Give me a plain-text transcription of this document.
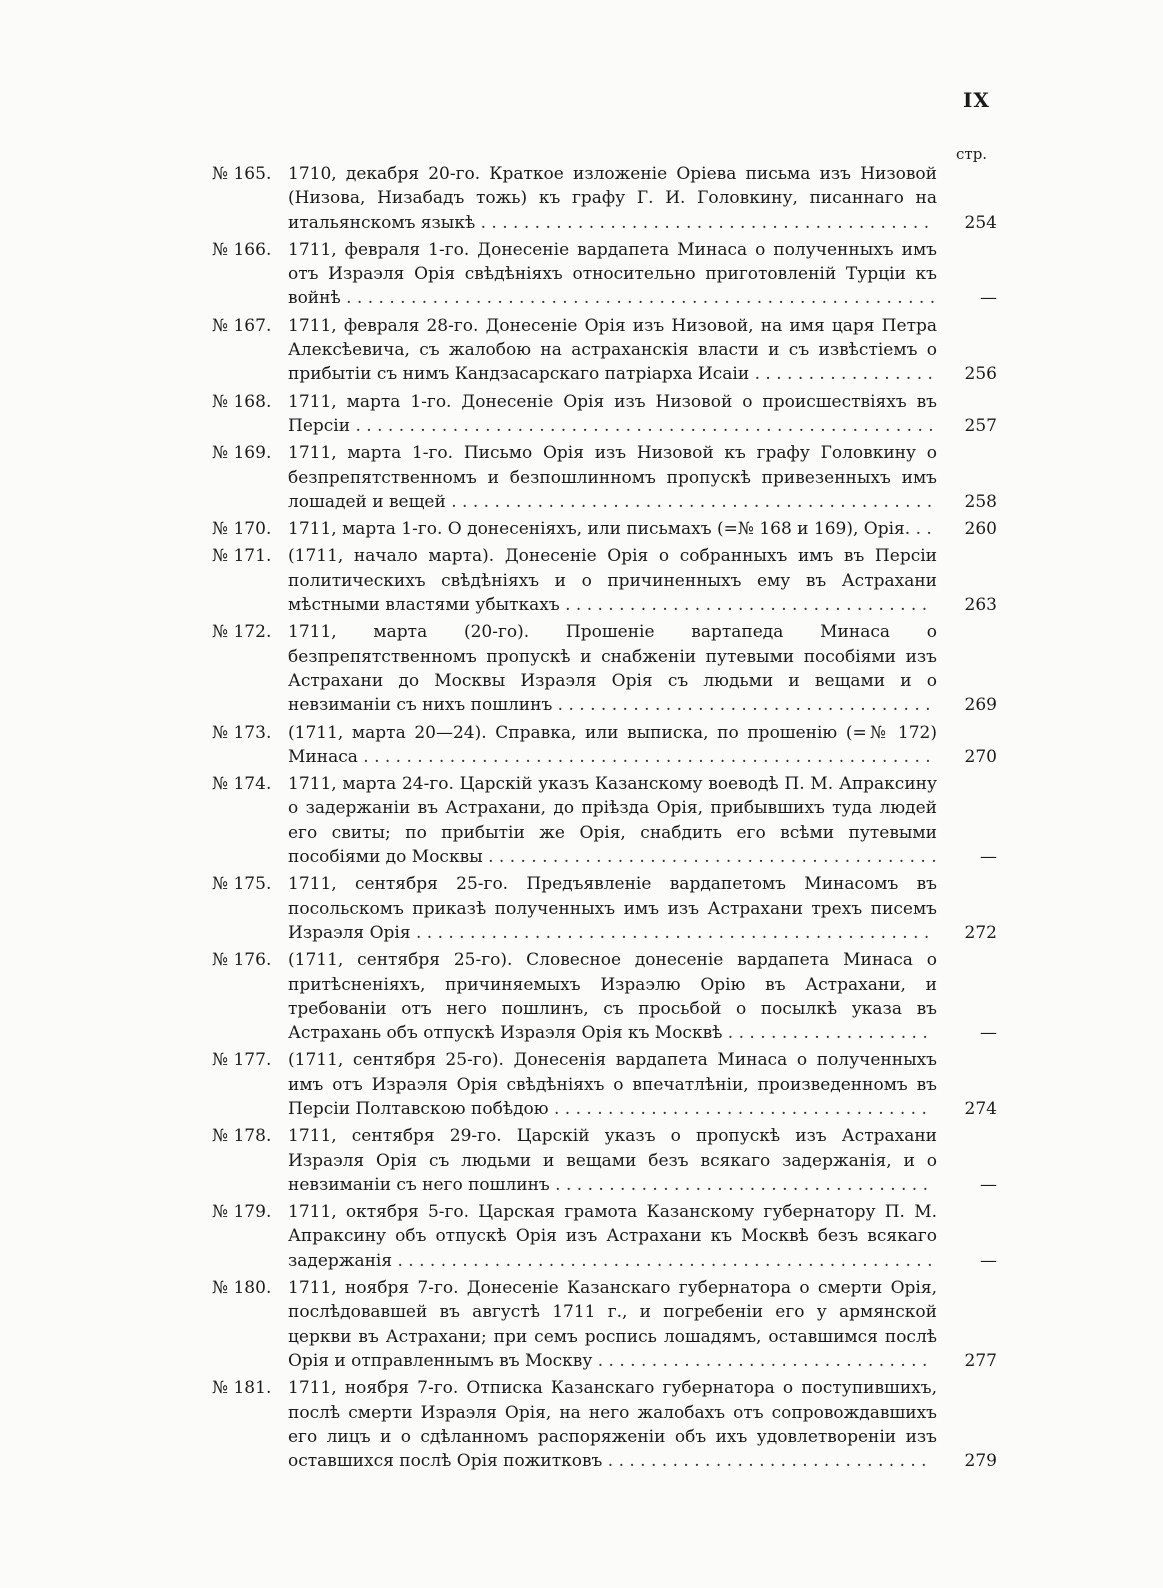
IX
стр.
№ 165. 1710, декабря 20-го. Краткое изложеніе Оріева письма изъ Низовой (Низова, Низабадъ тожь) къ графу Г. И. Головкину, писаннаго на итальянскомъ языкѣ . . . . . . . . . . . . . . . . . . . . . . . . . . . . . . . . . . . . . . . . . .	254
№ 166. 1711, февраля 1-го. Донесеніе вардапета Минаса о полученныхъ имъ отъ Израэля Орія свѣдѣніяхъ относительно приготовленій Турціи къ войнѣ . . . . . . . . . . . . . . . . . . . . . . . . . . . . . . . . . . . . . . . . . . . . . . . . . . . . . . .	—
№ 167. 1711, февраля 28-го. Донесеніе Орія изъ Низовой, на имя царя Петра Алексѣевича, съ жалобою на астраханскія власти и съ извѣстіемъ о прибытіи съ нимъ Кандзасарскаго патріарха Исаіи . . . . . . . . . . . . . . . . .	256
№ 168. 1711, марта 1-го. Донесеніе Орія изъ Низовой о происшествіяхъ въ Персіи . . . . . . . . . . . . . . . . . . . . . . . . . . . . . . . . . . . . . . . . . . . . . . . . . . . . . .	257
№ 169. 1711, марта 1-го. Письмо Орія изъ Низовой къ графу Головкину о безпрепятственномъ и безпошлинномъ пропускѣ привезенныхъ имъ лошадей и вещей . . . . . . . . . . . . . . . . . . . . . . . . . . . . . . . . . . . . . . . . . . . . .	258
№ 170. 1711, марта 1-го. О донесеніяхъ, или письмахъ (=№ 168 и 169), Орія. . .	260
№ 171. (1711, начало марта). Донесеніе Орія о собранныхъ имъ въ Персіи политическихъ свѣдѣніяхъ и о причиненныхъ ему въ Астрахани мѣстными властями убыткахъ . . . . . . . . . . . . . . . . . . . . . . . . . . . . . . . . . .	263
№ 172. 1711, марта (20-го). Прошеніе вартапеда Минаса о безпрепятственномъ пропускѣ и снабженіи путевыми пособіями изъ Астрахани до Москвы Израэля Орія съ людьми и вещами и о невзиманіи съ нихъ пошлинъ . . . . . . . . . . . . . . . . . . . . . . . . . . . . . . . . . . .	269
№ 173. (1711, марта 20—24). Справка, или выписка, по прошенію (=№ 172) Минаса . . . . . . . . . . . . . . . . . . . . . . . . . . . . . . . . . . . . . . . . . . . . . . . . . . . . .	270
№ 174. 1711, марта 24-го. Царскій указъ Казанскому воеводѣ П. М. Апраксину о задержаніи въ Астрахани, до пріѣзда Орія, прибывшихъ туда людей его свиты; по прибытіи же Орія, снабдить его всѣми путевыми пособіями до Москвы . . . . . . . . . . . . . . . . . . . . . . . . . . . . . . . . . . . . . . . . . .	—
№ 175. 1711, сентября 25-го. Предъявленіе вардапетомъ Минасомъ въ посольскомъ приказѣ полученныхъ имъ изъ Астрахани трехъ писемъ Израэля Орія . . . . . . . . . . . . . . . . . . . . . . . . . . . . . . . . . . . . . . . . . . . . . . . .	272
№ 176. (1711, сентября 25-го). Словесное донесеніе вардапета Минаса о притѣсненіяхъ, причиняемыхъ Израэлю Орію въ Астрахани, и требованіи отъ него пошлинъ, съ просьбой о посылкѣ указа въ Астрахань объ отпускѣ Израэля Орія къ Москвѣ . . . . . . . . . . . . . . . . . . .	—
№ 177. (1711, сентября 25-го). Донесенія вардапета Минаса о полученныхъ имъ отъ Израэля Орія свѣдѣніяхъ о впечатлѣніи, произведенномъ въ Персіи Полтавскою побѣдою . . . . . . . . . . . . . . . . . . . . . . . . . . . . . . . . . . .	274
№ 178. 1711, сентября 29-го. Царскій указъ о пропускѣ изъ Астрахани Израэля Орія съ людьми и вещами безъ всякаго задержанія, и о невзиманіи съ него пошлинъ . . . . . . . . . . . . . . . . . . . . . . . . . . . . . . . . . . .	—
№ 179. 1711, октября 5-го. Царская грамота Казанскому губернатору П. М. Апраксину объ отпускѣ Орія изъ Астрахани къ Москвѣ безъ всякаго задержанія . . . . . . . . . . . . . . . . . . . . . . . . . . . . . . . . . . . . . . . . . . . . . . . . . .	—
№ 180. 1711, ноября 7-го. Донесеніе Казанскаго губернатора о смерти Орія, послѣдовавшей въ августѣ 1711 г., и погребеніи его у армянской церкви въ Астрахани; при семъ роспись лошадямъ, оставшимся послѣ Орія и отправленнымъ въ Москву . . . . . . . . . . . . . . . . . . . . . . . . . . . . . . .	277
№ 181. 1711, ноября 7-го. Отписка Казанскаго губернатора о поступившихъ, послѣ смерти Израэля Орія, на него жалобахъ отъ сопровождавшихъ его лицъ и о сдѣланномъ распоряженіи объ ихъ удовлетвореніи изъ оставшихся послѣ Орія пожитковъ . . . . . . . . . . . . . . . . . . . . . . . . . . . . . .	279
